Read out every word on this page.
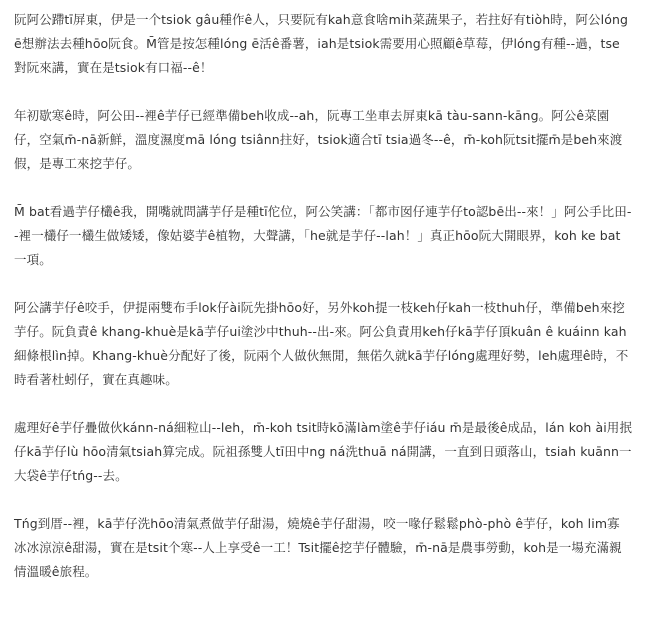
阮阿公蹛tī屏東，伊是一个tsiok gâu種作ê人，只要阮有kah意食啥mih菜蔬果子，若拄好有tiòh時，阿公lóng ē想辦法去種hōo阮食。M̄管是按怎種lóng ē活ê番薯，iah是tsiok需要用心照顧ê草莓，伊lóng有種--過，tse對阮來講，實在是tsiok有口福--ê！

年初歇寒ê時，阿公田--裡ê芋仔已經準備beh收成--ah，阮專工坐車去屏東kā tàu-sann-kāng。阿公ê菜園仔，空氣m̄-nā新鮮，溫度濕度mā lóng tsiânn拄好，tsiok適合tī tsia過冬--ê，m̄-koh阮tsit擺m̄是beh來渡假，是專工來挖芋仔。

M̄ bat看過芋仔欉ê我，開嘴就問講芋仔是種tī佗位，阿公笑講：「都市囡仔連芋仔to認bē出--來！」阿公手比田--裡一欉仔一欉生做矮矮，像姑婆芋ê植物，大聲講，「he就是芋仔--lah！」真正hōo阮大開眼界，koh ke bat一項。

阿公講芋仔ê咬手，伊提兩雙布手lok仔ài阮先掛hōo好，另外koh提一枝keh仔kah一枝thuh仔，準備beh來挖芋仔。阮負責ê khang-khuè是kā芋仔ui塗沙中thuh--出-來。阿公負責用keh仔kā芋仔頂kuân ê kuáinn kah細條根lìn掉。Khang-khuè分配好了後，阮兩个人做伙無閒，無偌久就kā芋仔lóng處理好勢，leh處理ê時，不時看著杜蚓仔，實在真趣味。

處理好ê芋仔疊做伙kánn-ná細粒山--leh，m̄-koh tsit時kō滿làm塗ê芋仔iáu m̄是最後ê成品，lán koh ài用抿仔kā芋仔lù hōo清氣tsiah算完成。阮祖孫雙人tī田中ng ná洗thuā ná開講，一直到日頭落山，tsiah kuānn一大袋ê芋仔tńg--去。

Tńg到厝--裡，kā芋仔洗hōo清氣煮做芋仔甜湯，燒燒ê芋仔甜湯，咬一喙仔鬆鬆phò-phò ê芋仔，koh lim寡冰冰涼涼ê甜湯，實在是tsit个寒--人上享受ê一工！Tsit擺ê挖芋仔體驗，m̄-nā是農事勞動，koh是一場充滿親情溫暖ê旅程。
